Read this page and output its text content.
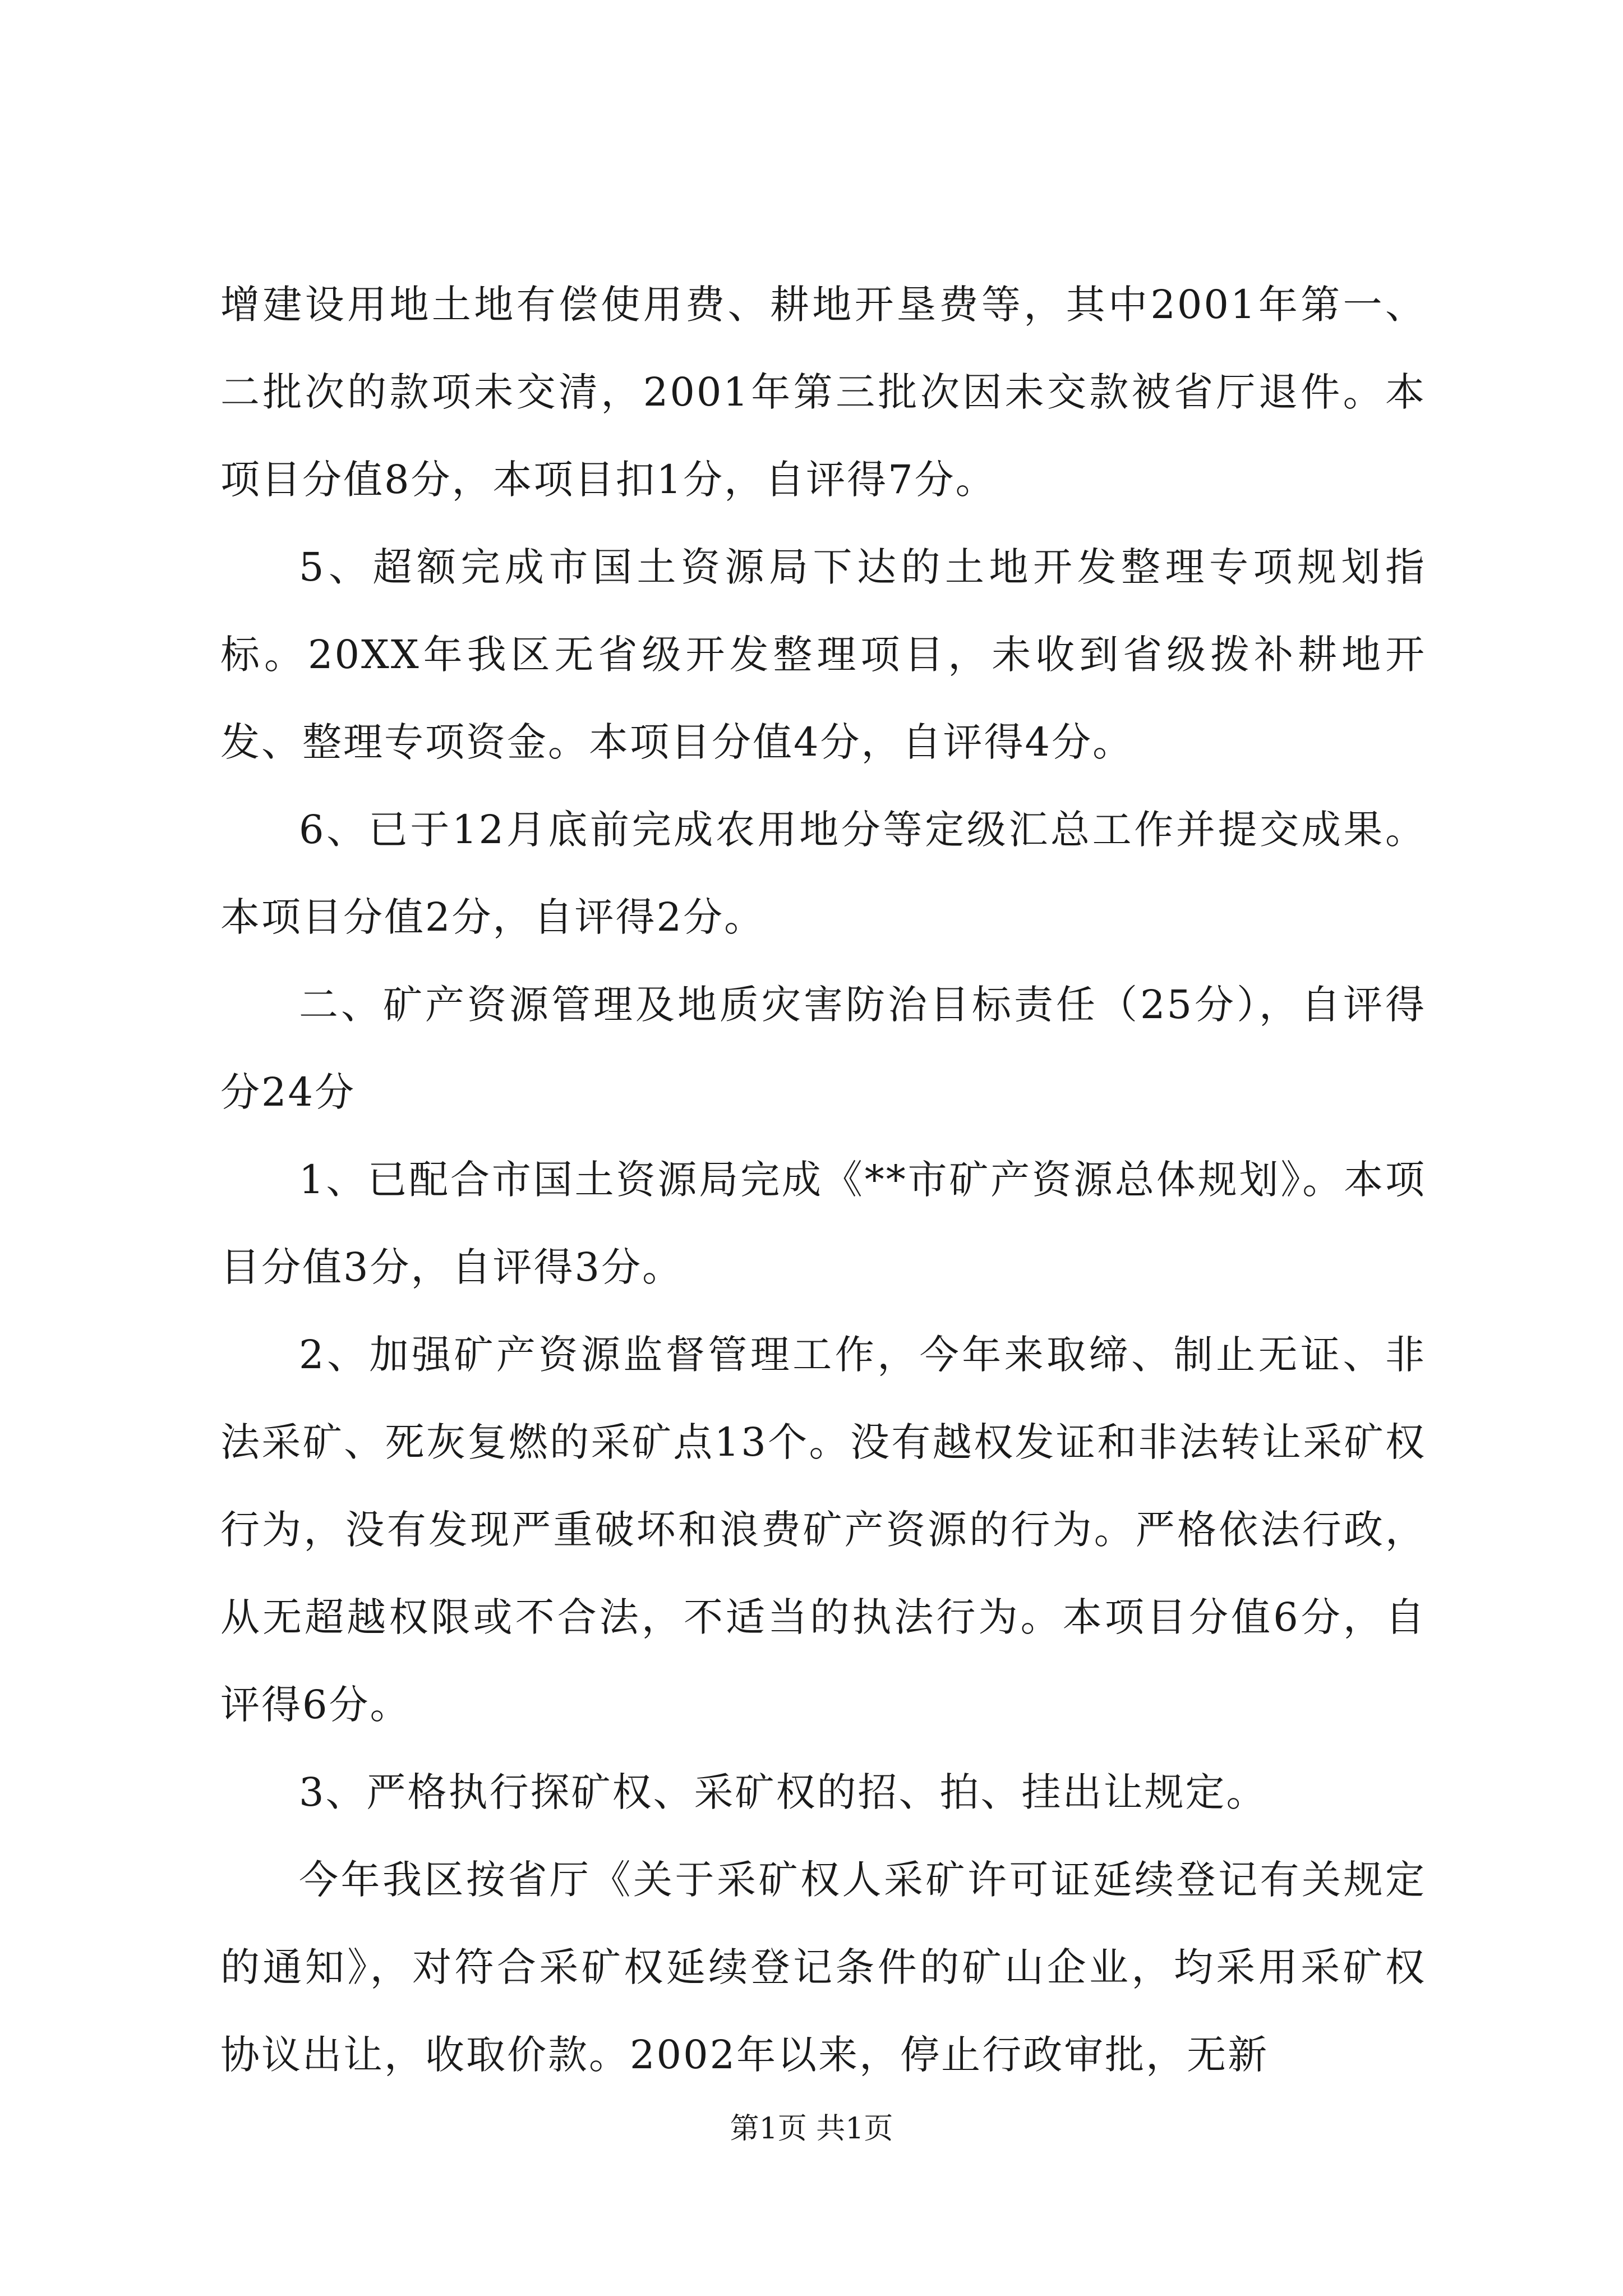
增建设用地土地有偿使用费、耕地开垦费等，其中2001年第一、二批次的款项未交清，2001年第三批次因未交款被省厅退件。本项目分值8分，本项目扣1分，自评得7分。

5、超额完成市国土资源局下达的土地开发整理专项规划指标。20XX年我区无省级开发整理项目，未收到省级拨补耕地开发、整理专项资金。本项目分值4分，自评得4分。

6、已于12月底前完成农用地分等定级汇总工作并提交成果。本项目分值2分，自评得2分。

二、矿产资源管理及地质灾害防治目标责任（25分），自评得分24分

1、已配合市国土资源局完成《**市矿产资源总体规划》。本项目分值3分，自评得3分。

2、加强矿产资源监督管理工作，今年来取缔、制止无证、非法采矿、死灰复燃的采矿点13个。没有越权发证和非法转让采矿权行为，没有发现严重破坏和浪费矿产资源的行为。严格依法行政，从无超越权限或不合法，不适当的执法行为。本项目分值6分，自评得6分。

3、严格执行探矿权、采矿权的招、拍、挂出让规定。

今年我区按省厅《关于采矿权人采矿许可证延续登记有关规定的通知》，对符合采矿权延续登记条件的矿山企业，均采用采矿权协议出让，收取价款。2002年以来，停止行政审批，无新

第1页 共1页
